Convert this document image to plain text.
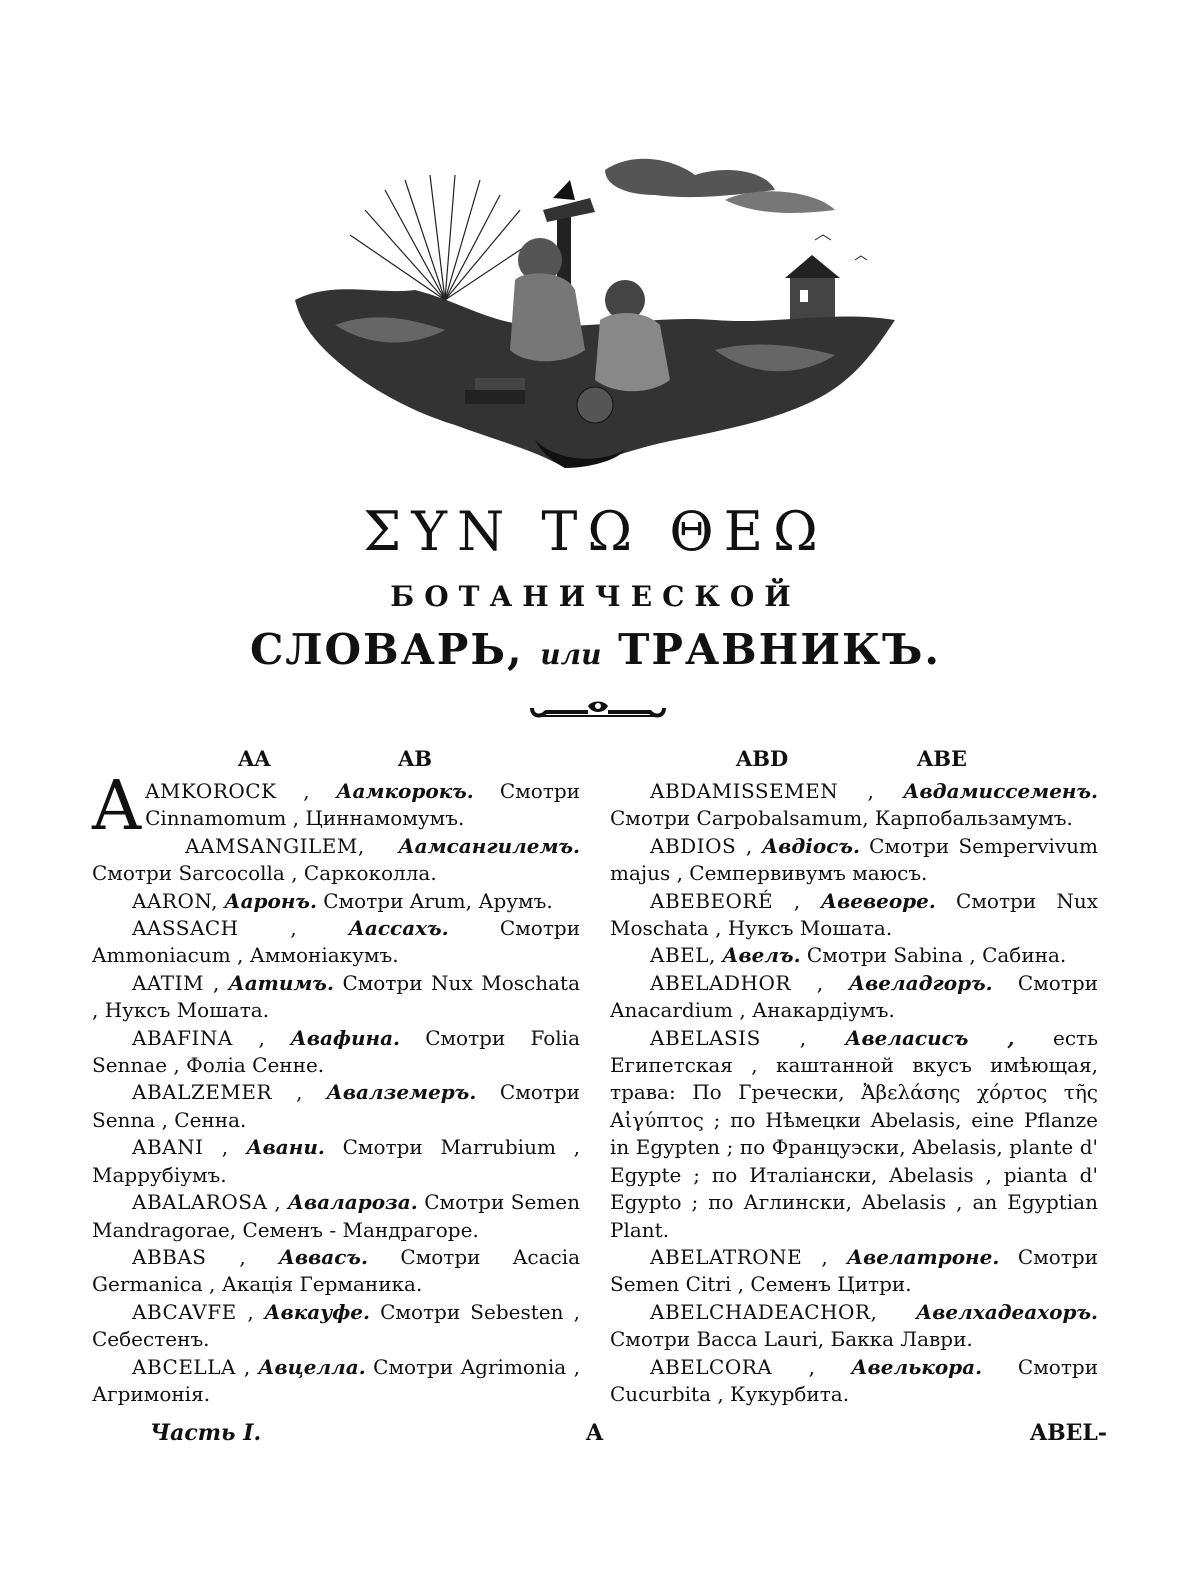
ΣΥΝ ΤΩ ΘΕΩ
БОТАНИЧЕСКОЙ
СЛОВАРЬ, или ТРАВНИКЪ.
AA	AB	ABD	ABE

AAMKOROCK , Аамкорокъ. Смотри Cinnamomum , Циннамомумъ.

AAMSANGILEM, Аамсангилемъ. Смотри Sarcocolla , Саркоколла.

AARON, Ааронъ. Смотри Arum, Арумъ.

AASSACH ,	Аассахъ.	Смотри Ammoniacum , Аммоніакумъ.

AATIM , Аатимъ. Смотри Nux Moschata , Нуксъ Мошата.

ABAFINA , Авафина. Смотри Folia Sennae , Фоліа Сенне.

ABALZEMER , Авалземеръ. Смотри Senna , Сенна.

ABANI , Авани. Смотри Marrubium , Маррубіумъ.

ABALAROSA , Авалароза. Смотри Semen Mandragorae, Семенъ - Мандрагоре.

ABBAS , Аввасъ. Смотри Acacia Germanica , Акація Германика.

ABCAVFE , Авкауфе. Смотри Sebesten , Себестенъ.

ABCELLA , Авцелла. Смотри Agrimonia , Агримонія.

ABDAMISSEMEN , Авдамиссеменъ. Смотри Carpobalsamum, Карпобальзамумъ.

ABDIOS , Авдіосъ. Смотри Sempervivum majus , Семпервивумъ маюсъ.

ABEBEORÉ , Авевеоре. Смотри Nux Moschata , Нуксъ Мошата.

ABEL, Авелъ. Смотри Sabina , Сабина.

ABELADHOR , Авеладгоръ. Смотри Anacardium , Анакардіумъ.

ABELASIS , Авеласисъ , есть Египетская , каштанной вкусъ имѣющая, трава: По Гречески, Ἀβελάσης χόρτος τῆς Αἰγύπτος ; по Нѣмецки Abelasis, eine Pflanze in Egypten ; по Француэски, Abelasis, plante d' Egypte ; по Италіански, Abelasis , pianta d' Egypto ; по Аглински, Abelasis , an Egyptian Plant.

ABELATRONE , Авелатроне. Смотри Semen Citri , Семенъ Цитри.

ABELCHADEACHOR, Авелхадеахоръ. Смотри Bacca Lauri, Бакка Лаври.

ABELCORA , Авелькора. Смотри Cucurbita , Кукурбита.

Часть I.	A	ABEL-
